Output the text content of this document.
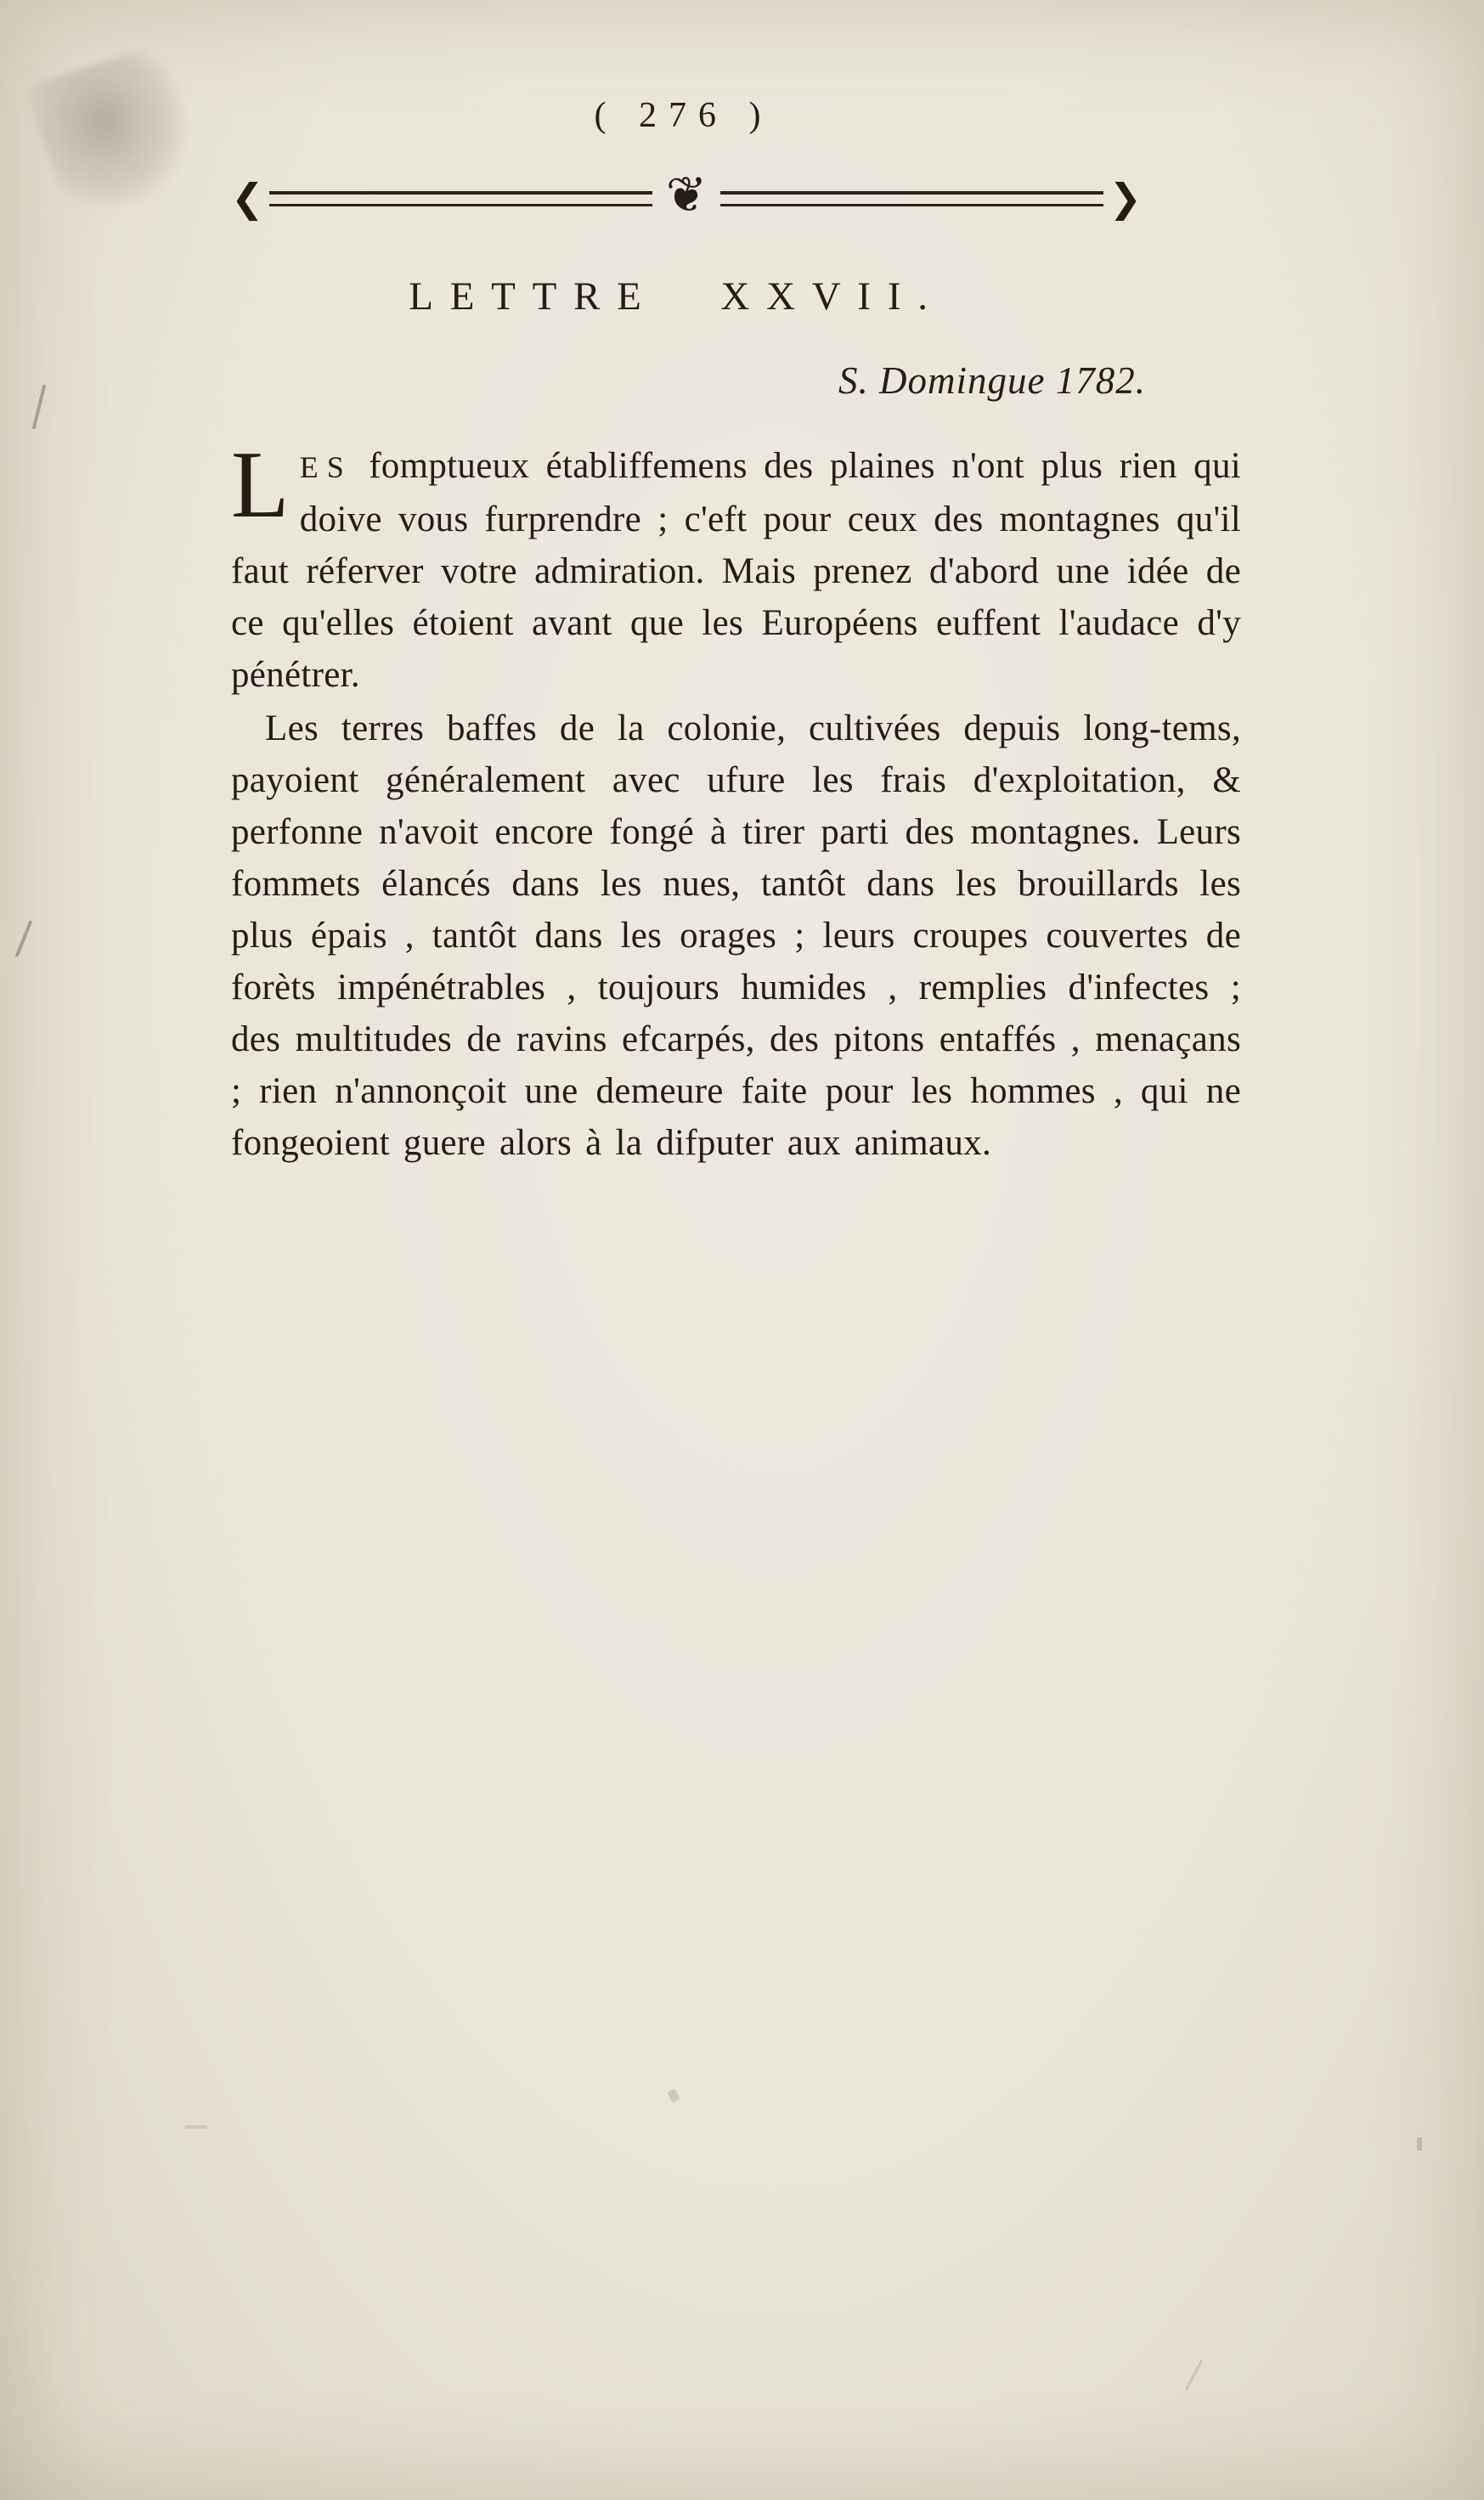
( 276 )
❮	❦	❯
LETTRE XXVII.
S. Domingue 1782.

L ES fomptueux établiffemens des plaines n'ont plus rien qui doive vous furprendre ; c'eft pour ceux des montagnes qu'il faut réferver votre admiration. Mais prenez d'abord une idée de ce qu'elles étoient avant que les Européens euffent l'audace d'y pénétrer.

Les terres baffes de la colonie, cultivées depuis long-tems, payoient généralement avec ufure les frais d'exploitation, & perfonne n'avoit encore fongé à tirer parti des montagnes. Leurs fommets élancés dans les nues, tantôt dans les brouillards les plus épais , tantôt dans les orages ; leurs croupes couvertes de forèts impénétrables , toujours humides , remplies d'infectes ; des multitudes de ravins efcarpés, des pitons entaffés , menaçans ; rien n'annonçoit une demeure faite pour les hommes , qui ne fongeoient guere alors à la difputer aux animaux.
